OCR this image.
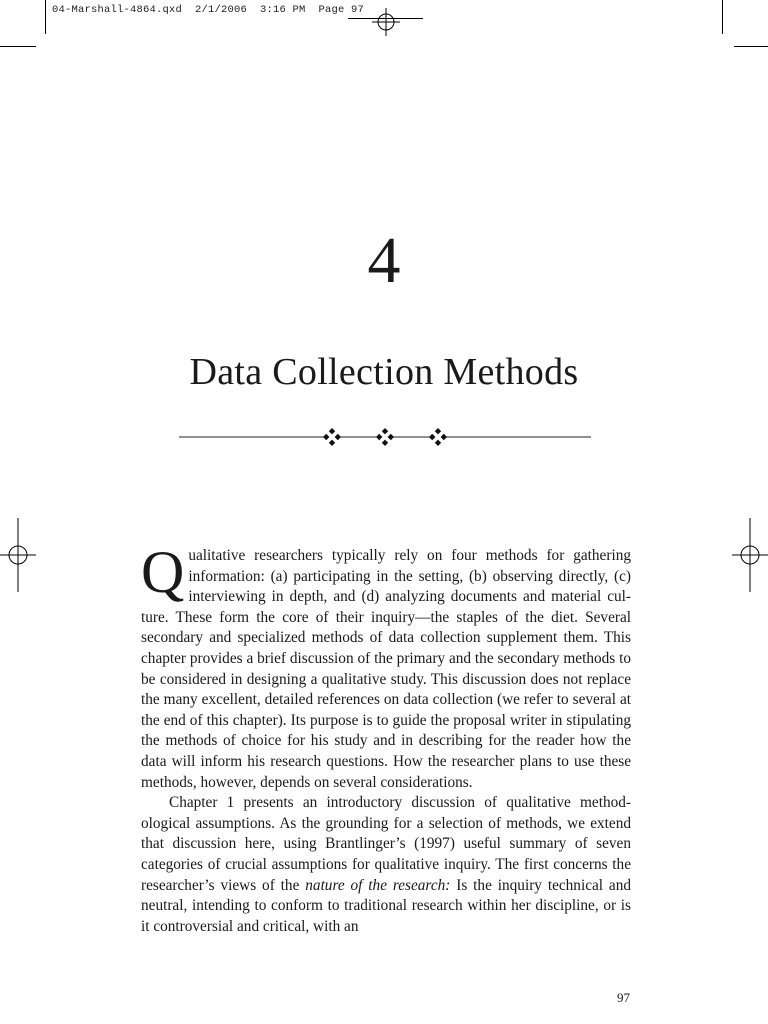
04-Marshall-4864.qxd  2/1/2006  3:16 PM  Page 97
4
Data Collection Methods

Qualitative researchers typically rely on four methods for gathering information: (a) participating in the setting, (b) observing directly, (c) interviewing in depth, and (d) analyzing documents and material culture. These form the core of their inquiry—the staples of the diet. Several secondary and specialized methods of data collection supplement them. This chapter provides a brief discussion of the primary and the secondary methods to be considered in designing a qualitative study. This discussion does not replace the many excellent, detailed references on data collection (we refer to several at the end of this chapter). Its purpose is to guide the proposal writer in stipulating the methods of choice for his study and in describing for the reader how the data will inform his research questions. How the researcher plans to use these methods, however, depends on several considerations.

Chapter 1 presents an introductory discussion of qualitative methodological assumptions. As the grounding for a selection of methods, we extend that discussion here, using Brantlinger’s (1997) useful summary of seven categories of crucial assumptions for qualitative inquiry. The first concerns the researcher’s views of the nature of the research: Is the inquiry technical and neutral, intending to conform to traditional research within her discipline, or is it controversial and critical, with an

97
